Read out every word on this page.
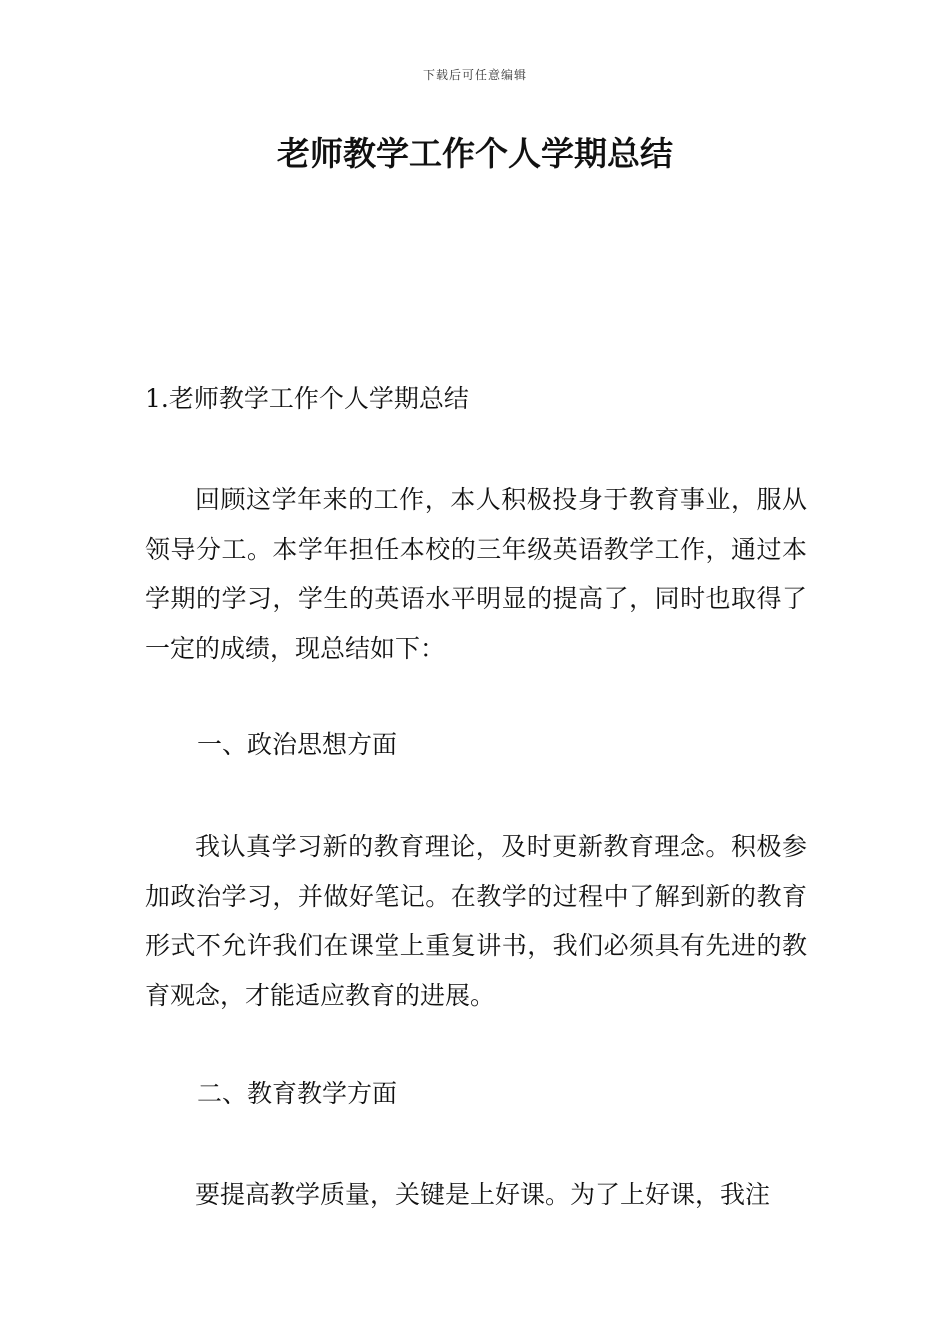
下载后可任意编辑
老师教学工作个人学期总结

1.老师教学工作个人学期总结

回顾这学年来的工作，本人积极投身于教育事业，服从领导分工。本学年担任本校的三年级英语教学工作，通过本学期的学习，学生的英语水平明显的提高了，同时也取得了一定的成绩，现总结如下：

一、政治思想方面

我认真学习新的教育理论，及时更新教育理念。积极参加政治学习，并做好笔记。在教学的过程中了解到新的教育形式不允许我们在课堂上重复讲书，我们必须具有先进的教育观念，才能适应教育的进展。

二、教育教学方面

要提高教学质量，关键是上好课。为了上好课，我注
